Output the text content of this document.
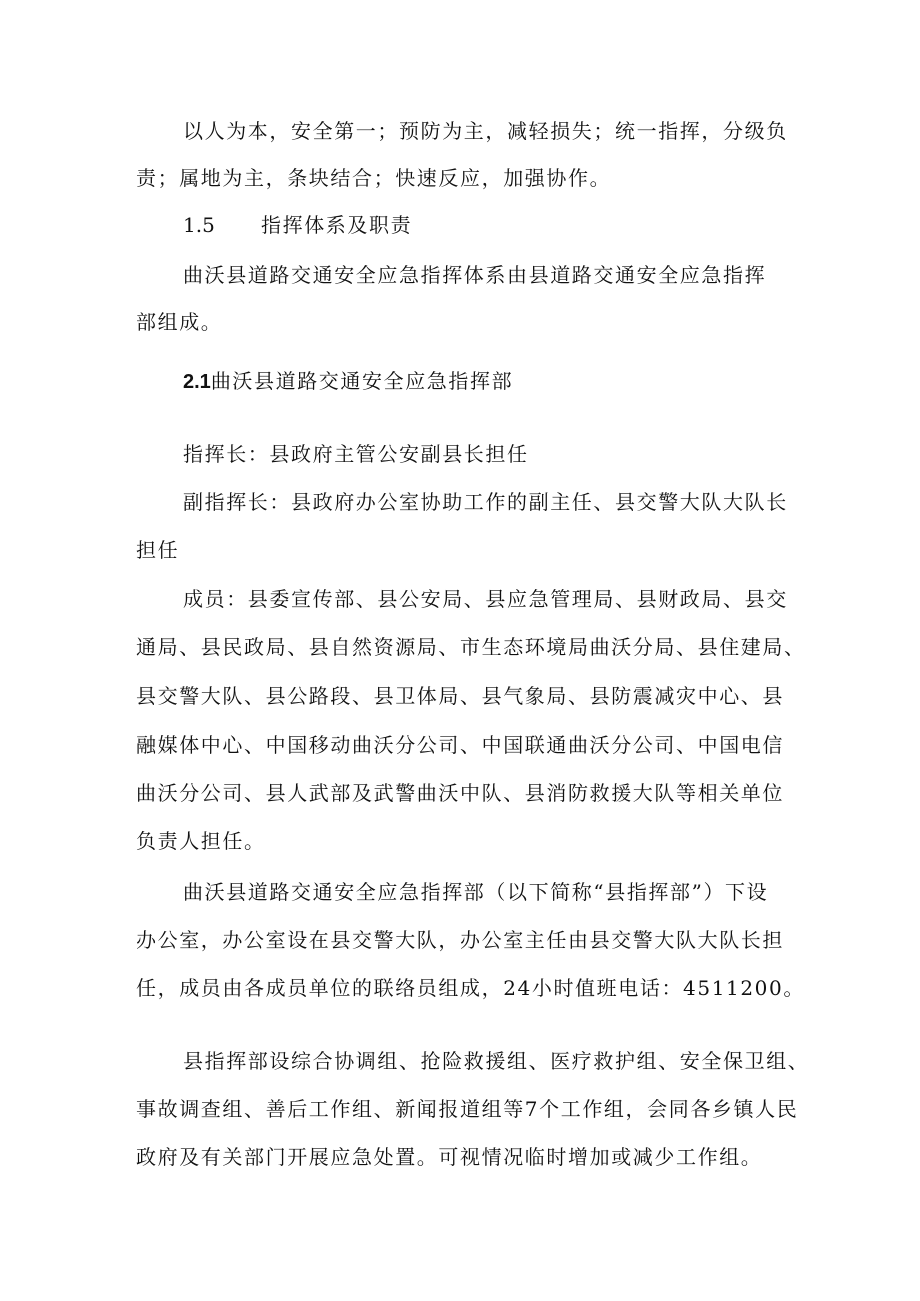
以人为本，安全第一；预防为主，减轻损失；统一指挥，分级负
责；属地为主，条块结合；快速反应，加强协作。
1.5 指挥体系及职责
曲沃县道路交通安全应急指挥体系由县道路交通安全应急指挥
部组成。
2.1曲沃县道路交通安全应急指挥部
指挥长：县政府主管公安副县长担任
副指挥长：县政府办公室协助工作的副主任、县交警大队大队长
担任
成员：县委宣传部、县公安局、县应急管理局、县财政局、县交
通局、县民政局、县自然资源局、市生态环境局曲沃分局、县住建局、
县交警大队、县公路段、县卫体局、县气象局、县防震减灾中心、县
融媒体中心、中国移动曲沃分公司、中国联通曲沃分公司、中国电信
曲沃分公司、县人武部及武警曲沃中队、县消防救援大队等相关单位
负责人担任。
曲沃县道路交通安全应急指挥部（以下简称“县指挥部”）下设
办公室，办公室设在县交警大队，办公室主任由县交警大队大队长担
任，成员由各成员单位的联络员组成，24小时值班电话：4511200。
县指挥部设综合协调组、抢险救援组、医疗救护组、安全保卫组、
事故调查组、善后工作组、新闻报道组等7个工作组，会同各乡镇人民
政府及有关部门开展应急处置。可视情况临时增加或减少工作组。
